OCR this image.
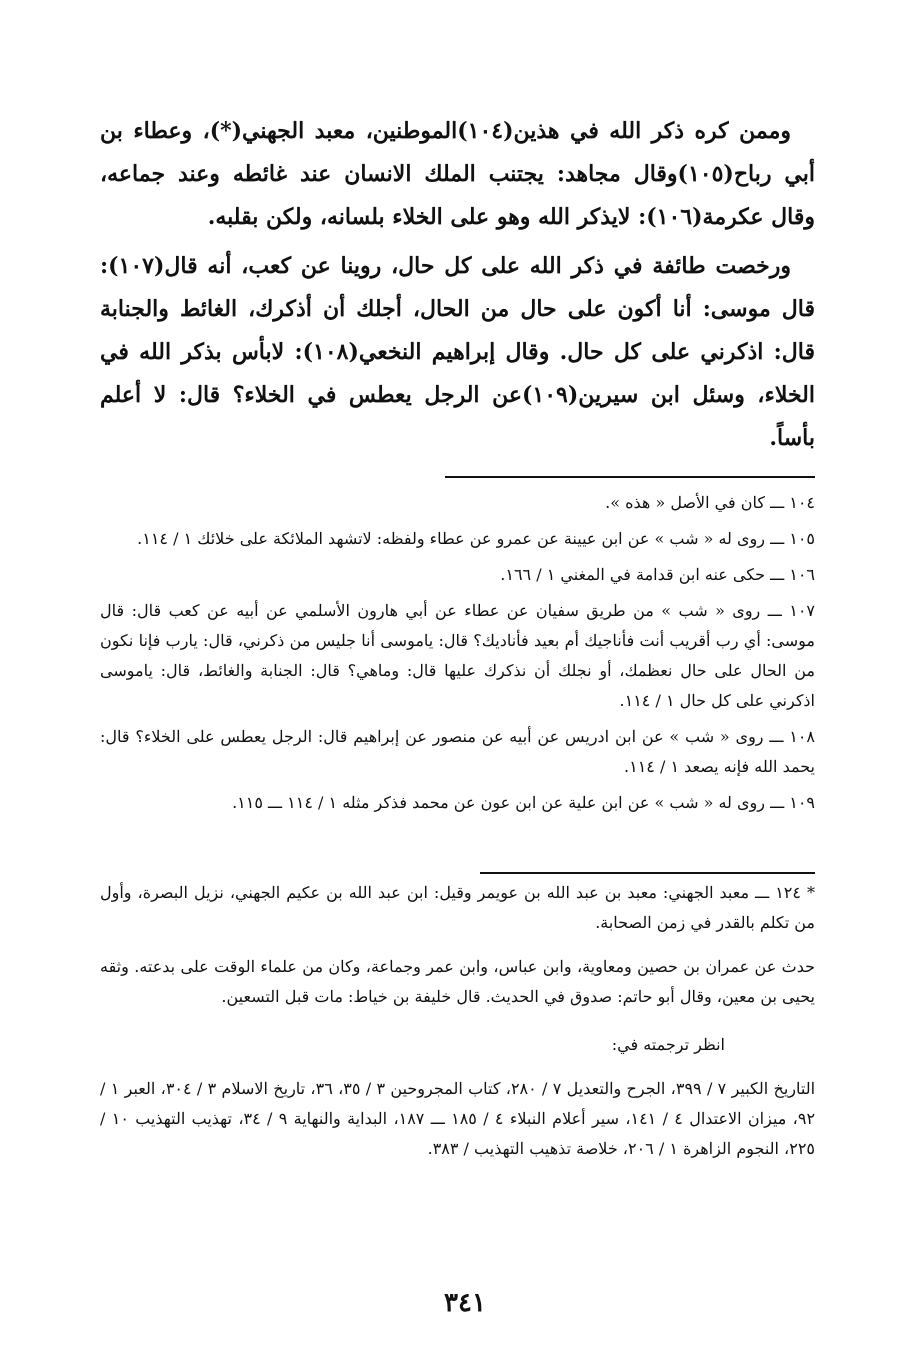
وممن كره ذكر الله في هذين(١٠٤)الموطنين، معبد الجهني(*)، وعطاء بن أبي رباح(١٠٥)وقال مجاهد: يجتنب الملك الانسان عند غائطه وعند جماعه، وقال عكرمة(١٠٦): لايذكر الله وهو على الخلاء بلسانه، ولكن بقلبه.

ورخصت طائفة في ذكر الله على كل حال، روينا عن كعب، أنه قال(١٠٧): قال موسى: أنا أكون على حال من الحال، أجلك أن أذكرك، الغائط والجنابة قال: اذكرني على كل حال. وقال إبراهيم النخعي(١٠٨): لابأس بذكر الله في الخلاء، وسئل ابن سيرين(١٠٩)عن الرجل يعطس في الخلاء؟ قال: لا أعلم بأساً.

١٠٤ ـــ كان في الأصل « هذه ».
١٠٥ ـــ روى له « شب » عن ابن عيينة عن عمرو عن عطاء ولفظه: لاتشهد الملائكة على خلائك ١ / ١١٤.
١٠٦ ـــ حكى عنه ابن قدامة في المغني ١ / ١٦٦.
١٠٧ ـــ روى « شب » من طريق سفيان عن عطاء عن أبي هارون الأسلمي عن أبيه عن كعب قال: قال موسى: أي رب أقريب أنت فأناجيك أم بعيد فأناديك؟ قال: ياموسى أنا جليس من ذكرني، قال: يارب فإنا نكون من الحال على حال نعظمك، أو نجلك أن نذكرك عليها قال: وماهي؟ قال: الجنابة والغائط، قال: ياموسى اذكرني على كل حال ١ / ١١٤.
١٠٨ ـــ روى « شب » عن ابن ادريس عن أبيه عن منصور عن إبراهيم قال: الرجل يعطس على الخلاء؟ قال: يحمد الله فإنه يصعد ١ / ١١٤.
١٠٩ ـــ روى له « شب » عن ابن علية عن ابن عون عن محمد فذكر مثله ١ / ١١٤ ـــ ١١٥.
* ١٢٤ ـــ معبد الجهني: معبد بن عبد الله بن عويمر وقيل: ابن عبد الله بن عكيم الجهني، نزيل البصرة، وأول من تكلم بالقدر في زمن الصحابة.
حدث عن عمران بن حصين ومعاوية، وابن عباس، وابن عمر وجماعة، وكان من علماء الوقت على بدعته. وثقه يحيى بن معين، وقال أبو حاتم: صدوق في الحديث. قال خليفة بن خياط: مات قبل التسعين.
انظر ترجمته في:
التاريخ الكبير ٧ / ٣٩٩، الجرح والتعديل ٧ / ٢٨٠، كتاب المجروحين ٣ / ٣٥، ٣٦، تاريخ الاسلام ٣ / ٣٠٤، العبر ١ / ٩٢، ميزان الاعتدال ٤ / ١٤١، سير أعلام النبلاء ٤ / ١٨٥ ـــ ١٨٧، البداية والنهاية ٩ / ٣٤، تهذيب التهذيب ١٠ / ٢٢٥، النجوم الزاهرة ١ / ٢٠٦، خلاصة تذهيب التهذيب / ٣٨٣.
٣٤١
